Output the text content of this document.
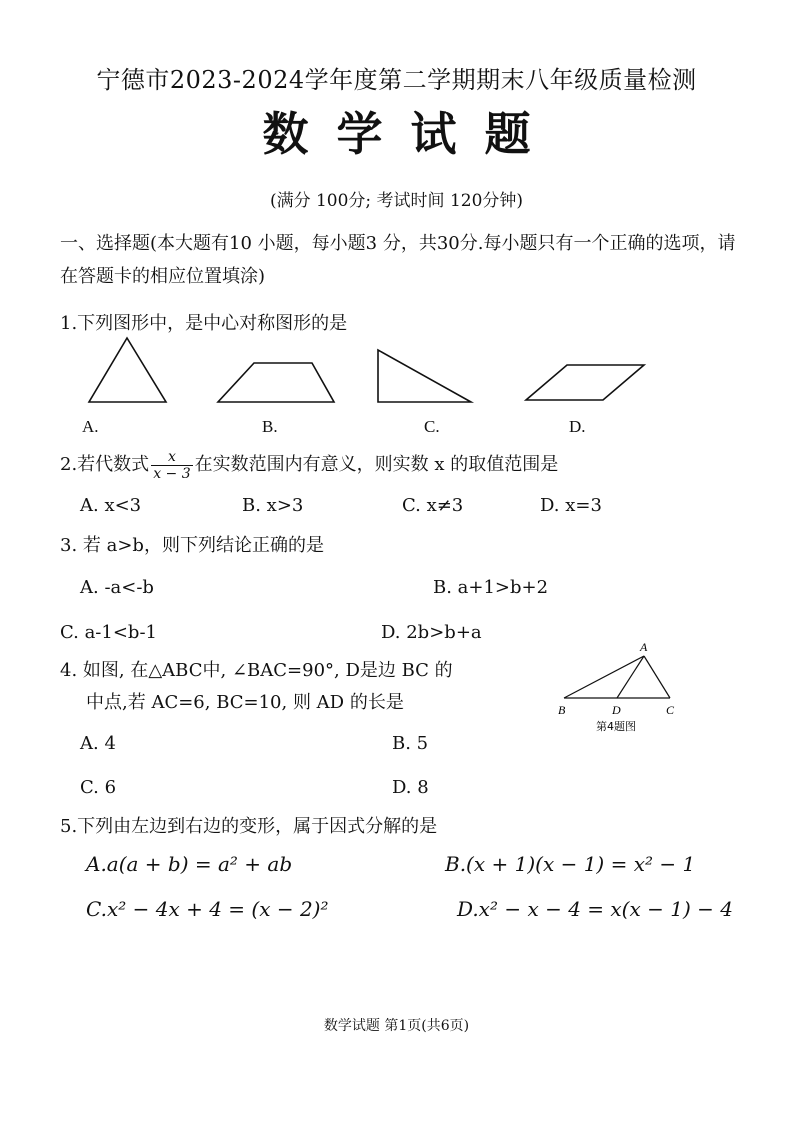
宁德市2023-2024学年度第二学期期末八年级质量检测
数学试题
(满分 100分; 考试时间 120分钟)
一、选择题(本大题有10 小题，每小题3 分，共30分.每小题只有一个正确的选项，请在答题卡的相应位置填涂)
1.下列图形中，是中心对称图形的是
A.	B.	C.	D.
2.若代数式 $\frac{x}{x - 3}$ 在实数范围内有意义，则实数 x 的取值范围是
A. x<3	B. x>3	C. x≠3	D. x=3
3. 若 a>b，则下列结论正确的是
A. -a<-b	B. a+1>b+2
C. a-1<b-1	D. 2b>b+a
4. 如图, 在△ABC中, ∠BAC=90°, D是边 BC 的
中点,若 AC=6, BC=10, 则 AD 的长是
A
B	D	C
第4题图
A. 4	B. 5
C. 6	D. 8
5.下列由左边到右边的变形，属于因式分解的是
A.a(a + b) = a² + ab	B.(x + 1)(x − 1) = x² − 1
C.x² − 4x + 4 = (x − 2)²	D.x² − x − 4 = x(x − 1) − 4
数学试题 第1页(共6页)
